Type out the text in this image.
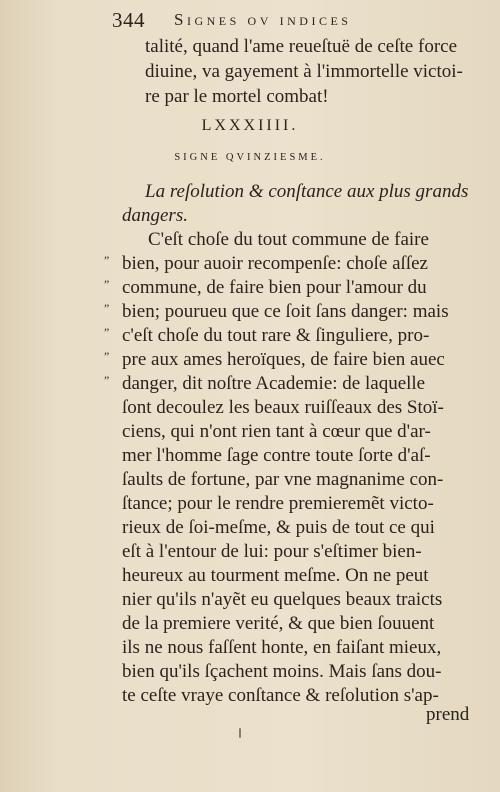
344 Signes ov indices
talité, quand l'ame reueſtuë de ceſte force
diuine, va gayement à l'immortelle victoi-
re par le mortel combat!
LXXXIIII.
SIGNE QVINZIESME.
La reſolution & conſtance aux plus grands
dangers.
C'eſt choſe du tout commune de faire
bien, pour auoir recompenſe: choſe aſſez
commune, de faire bien pour l'amour du
bien; pourueu que ce ſoit ſans danger: mais
c'eſt choſe du tout rare & ſinguliere, pro-
pre aux ames heroïques, de faire bien auec
danger, dit noſtre Academie: de laquelle
ſont decoulez les beaux ruiſſeaux des Stoï-
ciens, qui n'ont rien tant à cœur que d'ar-
mer l'homme ſage contre toute ſorte d'aſ-
ſaults de fortune, par vne magnanime con-
ſtance; pour le rendre premieremẽt victo-
rieux de ſoi-meſme, & puis de tout ce qui
eſt à l'entour de lui: pour s'eſtimer bien-
heureux au tourment meſme. On ne peut
nier qu'ils n'ayẽt eu quelques beaux traicts
de la premiere verité, & que bien ſouuent
ils ne nous faſſent honte, en faiſant mieux,
bien qu'ils ſçachent moins. Mais ſans dou-
te ceſte vraye conſtance & reſolution s'ap-
prend
”
”
”
”
”
”
